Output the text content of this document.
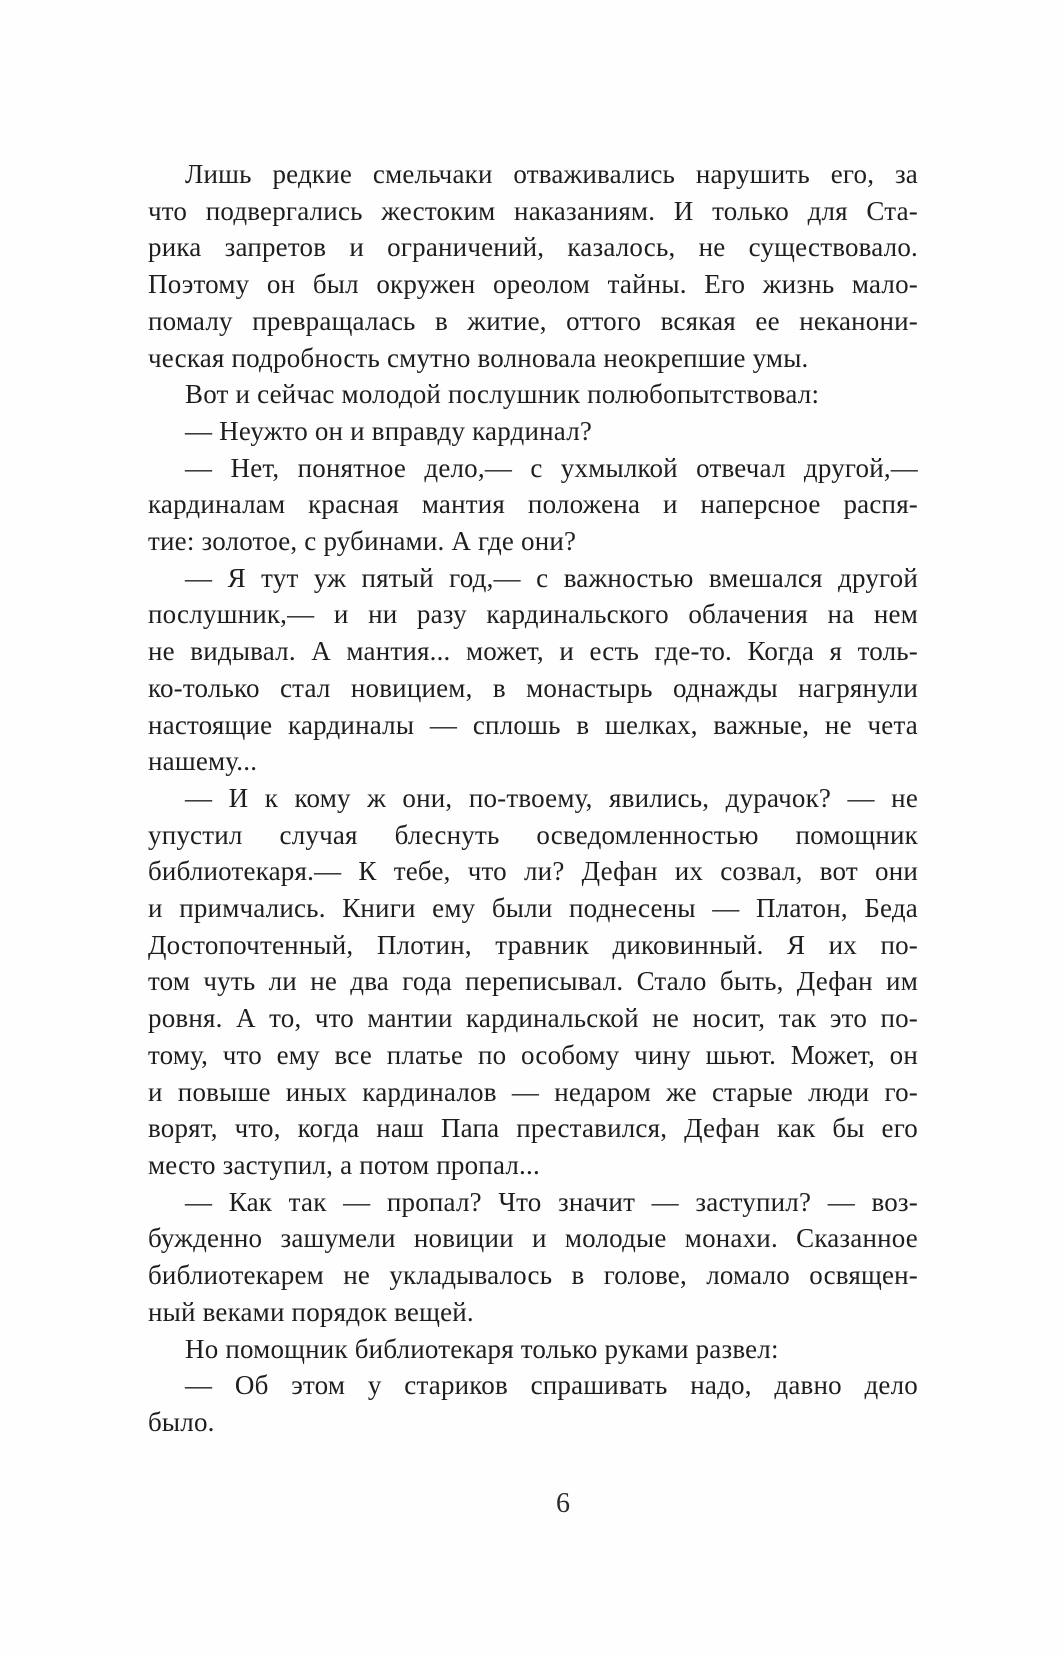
Лишь редкие смельчаки отваживались нарушить его, за
что подвергались жестоким наказаниям. И только для Ста-
рика запретов и ограничений, казалось, не существовало.
Поэтому он был окружен ореолом тайны. Его жизнь мало-
помалу превращалась в житие, оттого всякая ее неканони-
ческая подробность смутно волновала неокрепшие умы.
Вот и сейчас молодой послушник полюбопытствовал:
— Неужто он и вправду кардинал?
— Нет, понятное дело,— с ухмылкой отвечал другой,—
кардиналам красная мантия положена и наперсное распя-
тие: золотое, с рубинами. А где они?
— Я тут уж пятый год,— с важностью вмешался другой
послушник,— и ни разу кардинальского облачения на нем
не видывал. А мантия... может, и есть где-то. Когда я толь-
ко-только стал новицием, в монастырь однажды нагрянули
настоящие кардиналы — сплошь в шелках, важные, не чета
нашему...
— И к кому ж они, по-твоему, явились, дурачок? — не
упустил случая блеснуть осведомленностью помощник
библиотекаря.— К тебе, что ли? Дефан их созвал, вот они
и примчались. Книги ему были поднесены — Платон, Беда
Достопочтенный, Плотин, травник диковинный. Я их по-
том чуть ли не два года переписывал. Стало быть, Дефан им
ровня. А то, что мантии кардинальской не носит, так это по-
тому, что ему все платье по особому чину шьют. Может, он
и повыше иных кардиналов — недаром же старые люди го-
ворят, что, когда наш Папа преставился, Дефан как бы его
место заступил, а потом пропал...
— Как так — пропал? Что значит — заступил? — воз-
бужденно зашумели новиции и молодые монахи. Сказанное
библиотекарем не укладывалось в голове, ломало освящен-
ный веками порядок вещей.
Но помощник библиотекаря только руками развел:
— Об этом у стариков спрашивать надо, давно дело
было.
6
